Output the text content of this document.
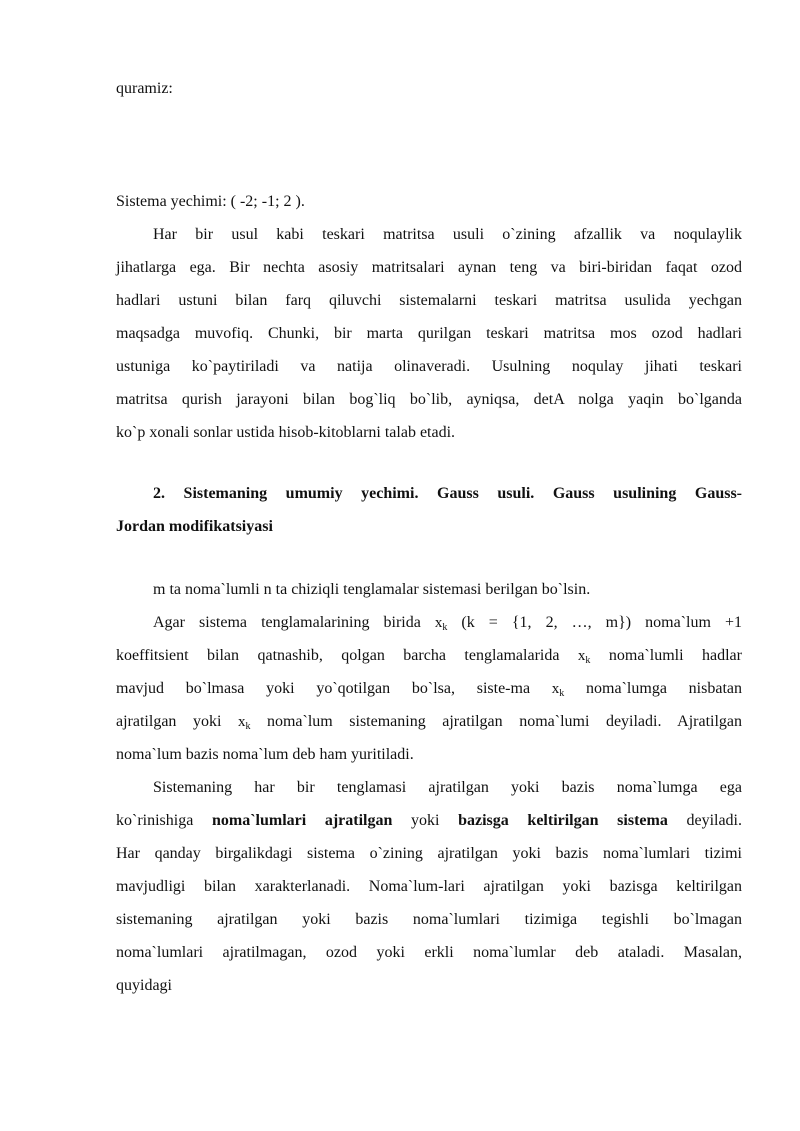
quramiz:
Sistema yechimi: ( -2; -1; 2 ).
Har bir usul kabi teskari matritsa usuli o`zining afzallik va noqulaylik
jihatlarga ega. Bir nechta asosiy matritsalari aynan teng va biri-biridan faqat ozod
hadlari ustuni bilan farq qiluvchi sistemalarni teskari matritsa usulida yechgan
maqsadga muvofiq. Chunki, bir marta qurilgan teskari matritsa mos ozod hadlari
ustuniga ko`paytiriladi va natija olinaveradi. Usulning noqulay jihati teskari
matritsa qurish jarayoni bilan bog`liq bo`lib, ayniqsa, detA nolga yaqin bo`lganda
ko`p xonali sonlar ustida hisob-kitoblarni talab etadi.
2. Sistemaning umumiy yechimi. Gauss usuli. Gauss usulining Gauss-
Jordan modifikatsiyasi
m ta noma`lumli n ta chiziqli tenglamalar sistemasi berilgan bo`lsin.
Agar sistema tenglamalarining birida $x_k$ (k = {1, 2, …, m}) noma`lum +1
koeffitsient bilan qatnashib, qolgan barcha tenglamalarida $x_k$ noma`lumli hadlar
mavjud bo`lmasa yoki yo`qotilgan bo`lsa, siste-ma $x_k$ noma`lumga nisbatan
ajratilgan yoki $x_k$ noma`lum sistemaning ajratilgan noma`lumi deyiladi. Ajratilgan
noma`lum bazis noma`lum deb ham yuritiladi.
Sistemaning har bir tenglamasi ajratilgan yoki bazis noma`lumga ega
ko`rinishiga noma`lumlari ajratilgan yoki bazisga keltirilgan sistema deyiladi.
Har qanday birgalikdagi sistema o`zining ajratilgan yoki bazis noma`lumlari tizimi
mavjudligi bilan xarakterlanadi. Noma`lum-lari ajratilgan yoki bazisga keltirilgan
sistemaning ajratilgan yoki bazis noma`lumlari tizimiga tegishli bo`lmagan
noma`lumlari ajratilmagan, ozod yoki erkli noma`lumlar deb ataladi. Masalan,
quyidagi
